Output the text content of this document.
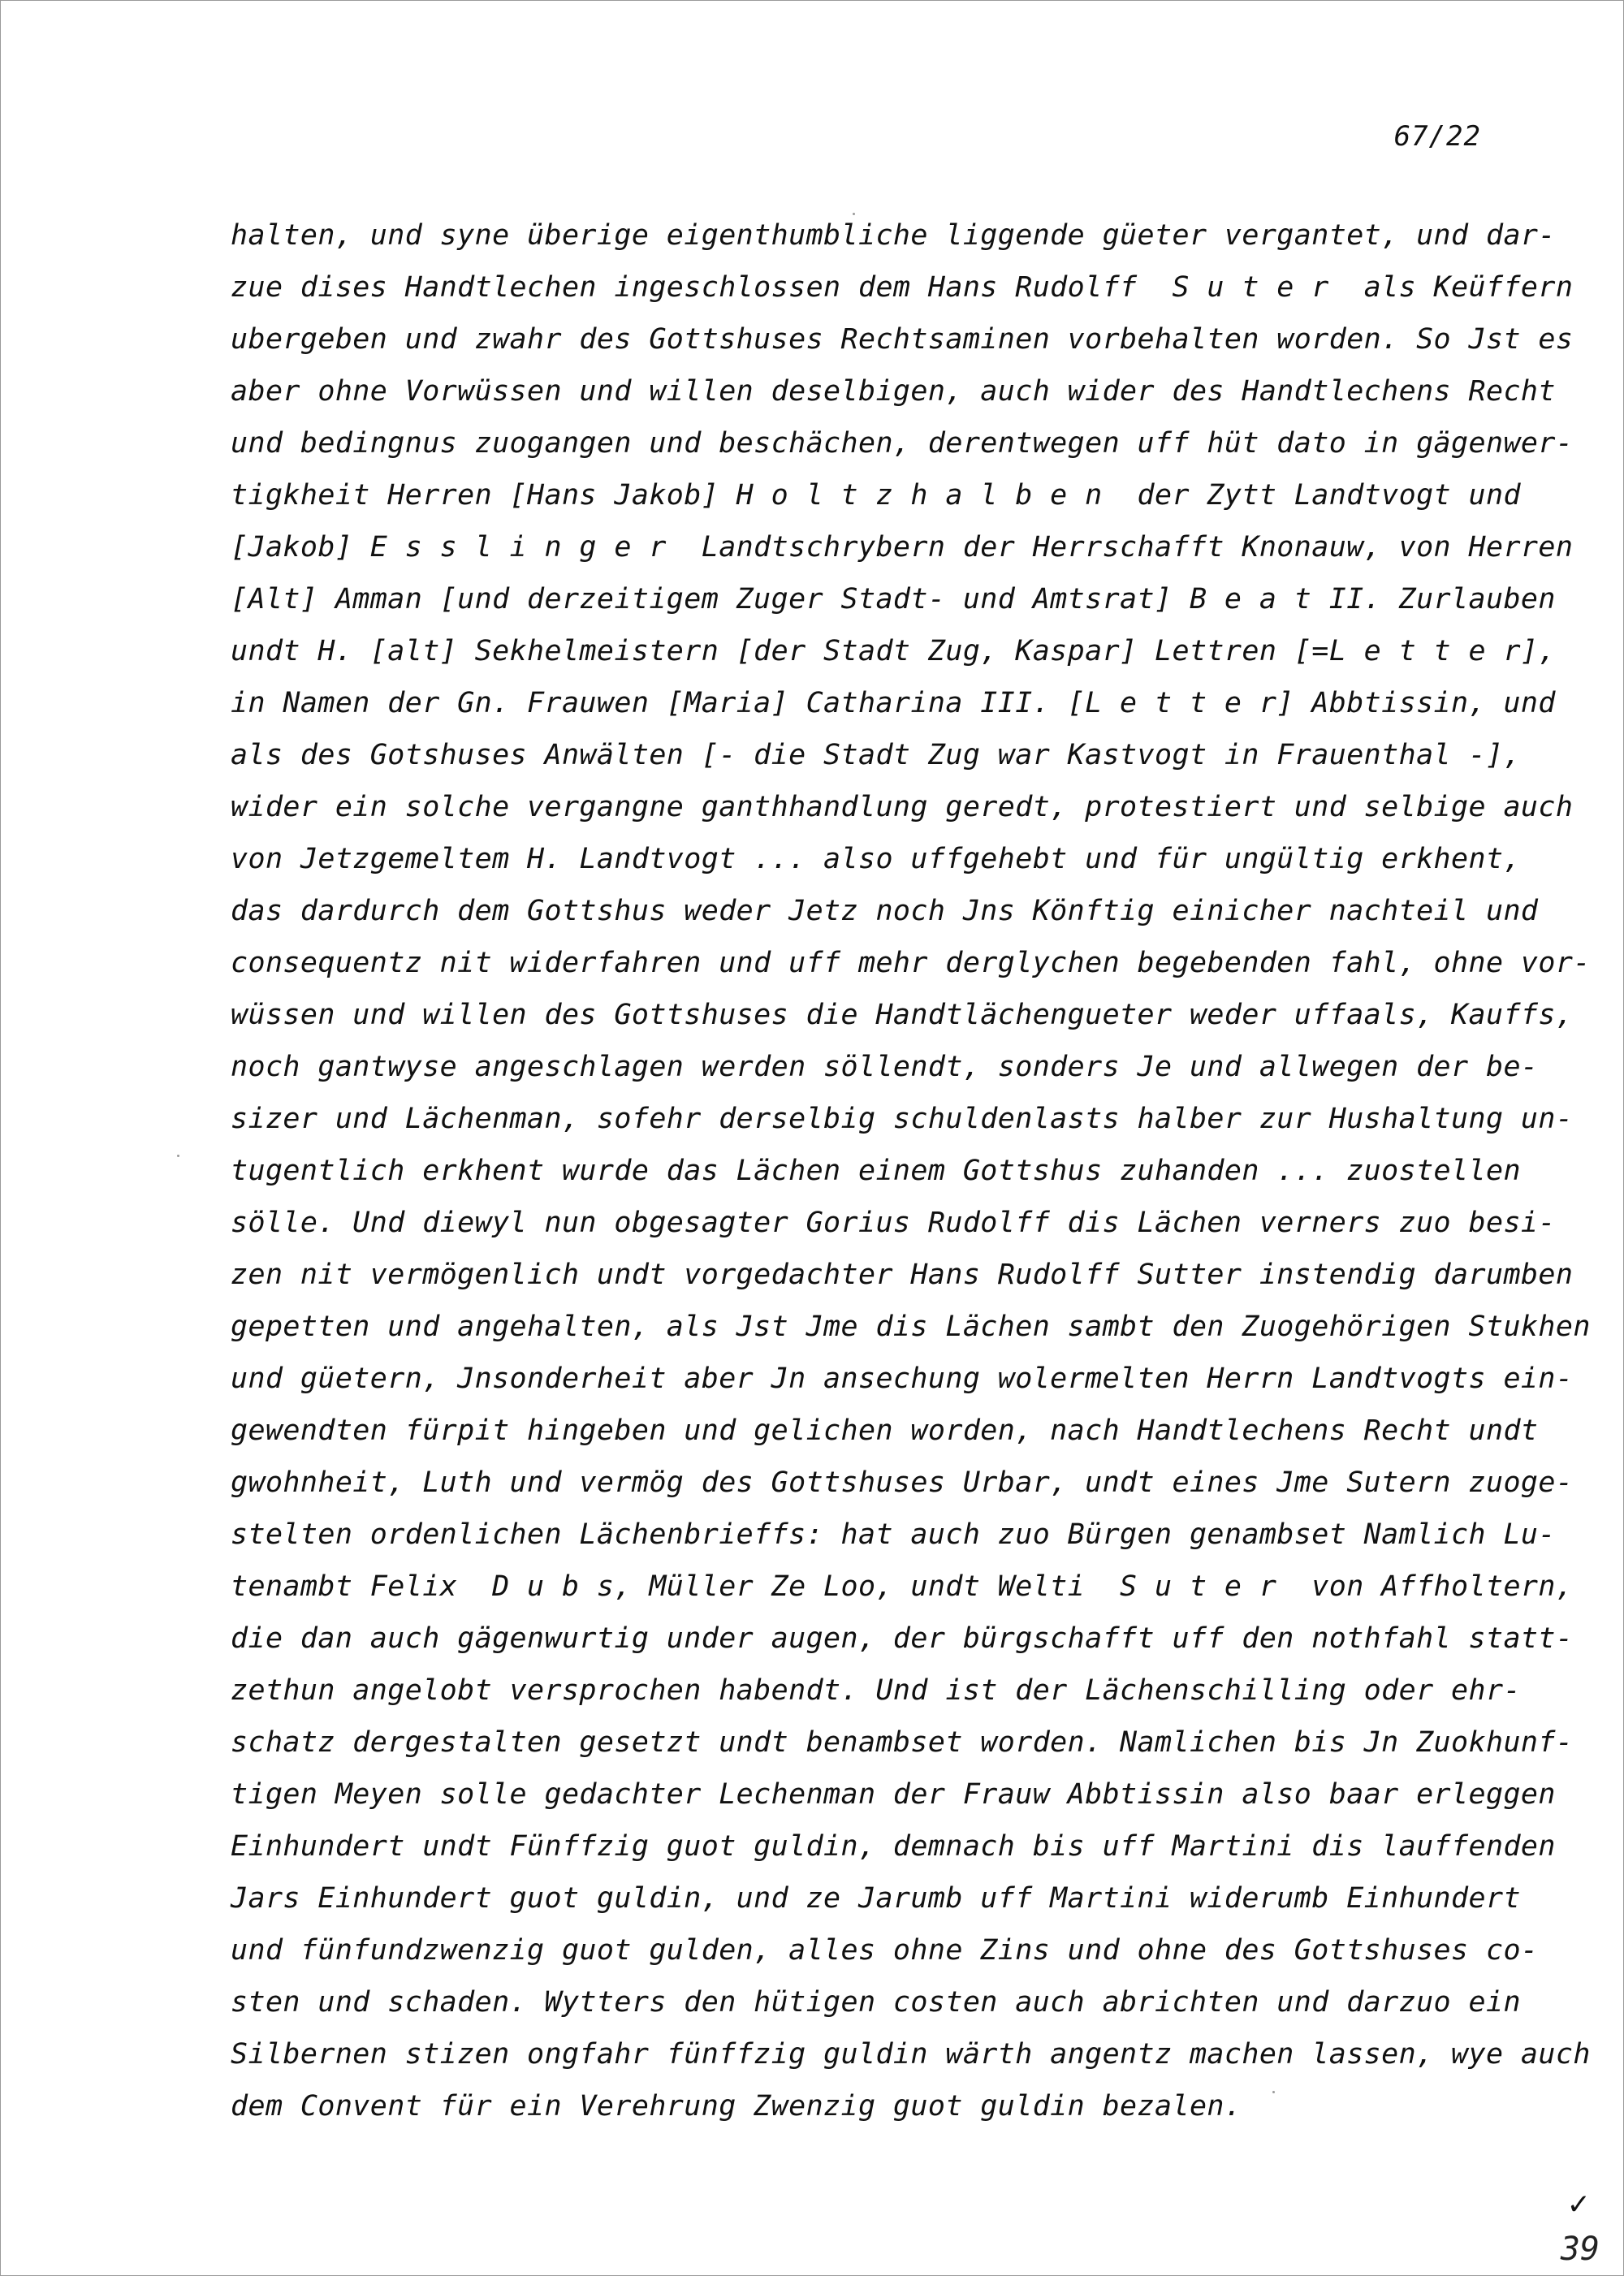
67/22
halten, und syne überige eigenthumbliche liggende güeter vergantet, und dar-
zue dises Handtlechen ingeschlossen dem Hans Rudolff  S u t e r  als Keüffern
ubergeben und zwahr des Gottshuses Rechtsaminen vorbehalten worden. So Jst es
aber ohne Vorwüssen und willen deselbigen, auch wider des Handtlechens Recht
und bedingnus zuogangen und beschächen, derentwegen uff hüt dato in gägenwer-
tigkheit Herren [Hans Jakob] H o l t z h a l b e n  der Zytt Landtvogt und
[Jakob] E s s l i n g e r  Landtschrybern der Herrschafft Knonauw, von Herren
[Alt] Amman [und derzeitigem Zuger Stadt- und Amtsrat] B e a t II. Zurlauben
undt H. [alt] Sekhelmeistern [der Stadt Zug, Kaspar] Lettren [=L e t t e r],
in Namen der Gn. Frauwen [Maria] Catharina III. [L e t t e r] Abbtissin, und
als des Gotshuses Anwälten [- die Stadt Zug war Kastvogt in Frauenthal -],
wider ein solche vergangne ganthhandlung geredt, protestiert und selbige auch
von Jetzgemeltem H. Landtvogt ... also uffgehebt und für ungültig erkhent,
das dardurch dem Gottshus weder Jetz noch Jns Könftig einicher nachteil und
consequentz nit widerfahren und uff mehr derglychen begebenden fahl, ohne vor-
wüssen und willen des Gottshuses die Handtlächengueter weder uffaals, Kauffs,
noch gantwyse angeschlagen werden söllendt, sonders Je und allwegen der be-
sizer und Lächenman, sofehr derselbig schuldenlasts halber zur Hushaltung un-
tugentlich erkhent wurde das Lächen einem Gottshus zuhanden ... zuostellen
sölle. Und diewyl nun obgesagter Gorius Rudolff dis Lächen verners zuo besi-
zen nit vermögenlich undt vorgedachter Hans Rudolff Sutter instendig darumben
gepetten und angehalten, als Jst Jme dis Lächen sambt den Zuogehörigen Stukhen
und güetern, Jnsonderheit aber Jn ansechung wolermelten Herrn Landtvogts ein-
gewendten fürpit hingeben und gelichen worden, nach Handtlechens Recht undt
gwohnheit, Luth und vermög des Gottshuses Urbar, undt eines Jme Sutern zuoge-
stelten ordenlichen Lächenbrieffs: hat auch zuo Bürgen genambset Namlich Lu-
tenambt Felix  D u b s, Müller Ze Loo, undt Welti  S u t e r  von Affholtern,
die dan auch gägenwurtig under augen, der bürgschafft uff den nothfahl statt-
zethun angelobt versprochen habendt. Und ist der Lächenschilling oder ehr-
schatz dergestalten gesetzt undt benambset worden. Namlichen bis Jn Zuokhunf-
tigen Meyen solle gedachter Lechenman der Frauw Abbtissin also baar erleggen
Einhundert undt Fünffzig guot guldin, demnach bis uff Martini dis lauffenden
Jars Einhundert guot guldin, und ze Jarumb uff Martini widerumb Einhundert
und fünfundzwenzig guot gulden, alles ohne Zins und ohne des Gottshuses co-
sten und schaden. Wytters den hütigen costen auch abrichten und darzuo ein
Silbernen stizen ongfahr fünffzig guldin wärth angentz machen lassen, wye auch
dem Convent für ein Verehrung Zwenzig guot guldin bezalen.
✓
39
